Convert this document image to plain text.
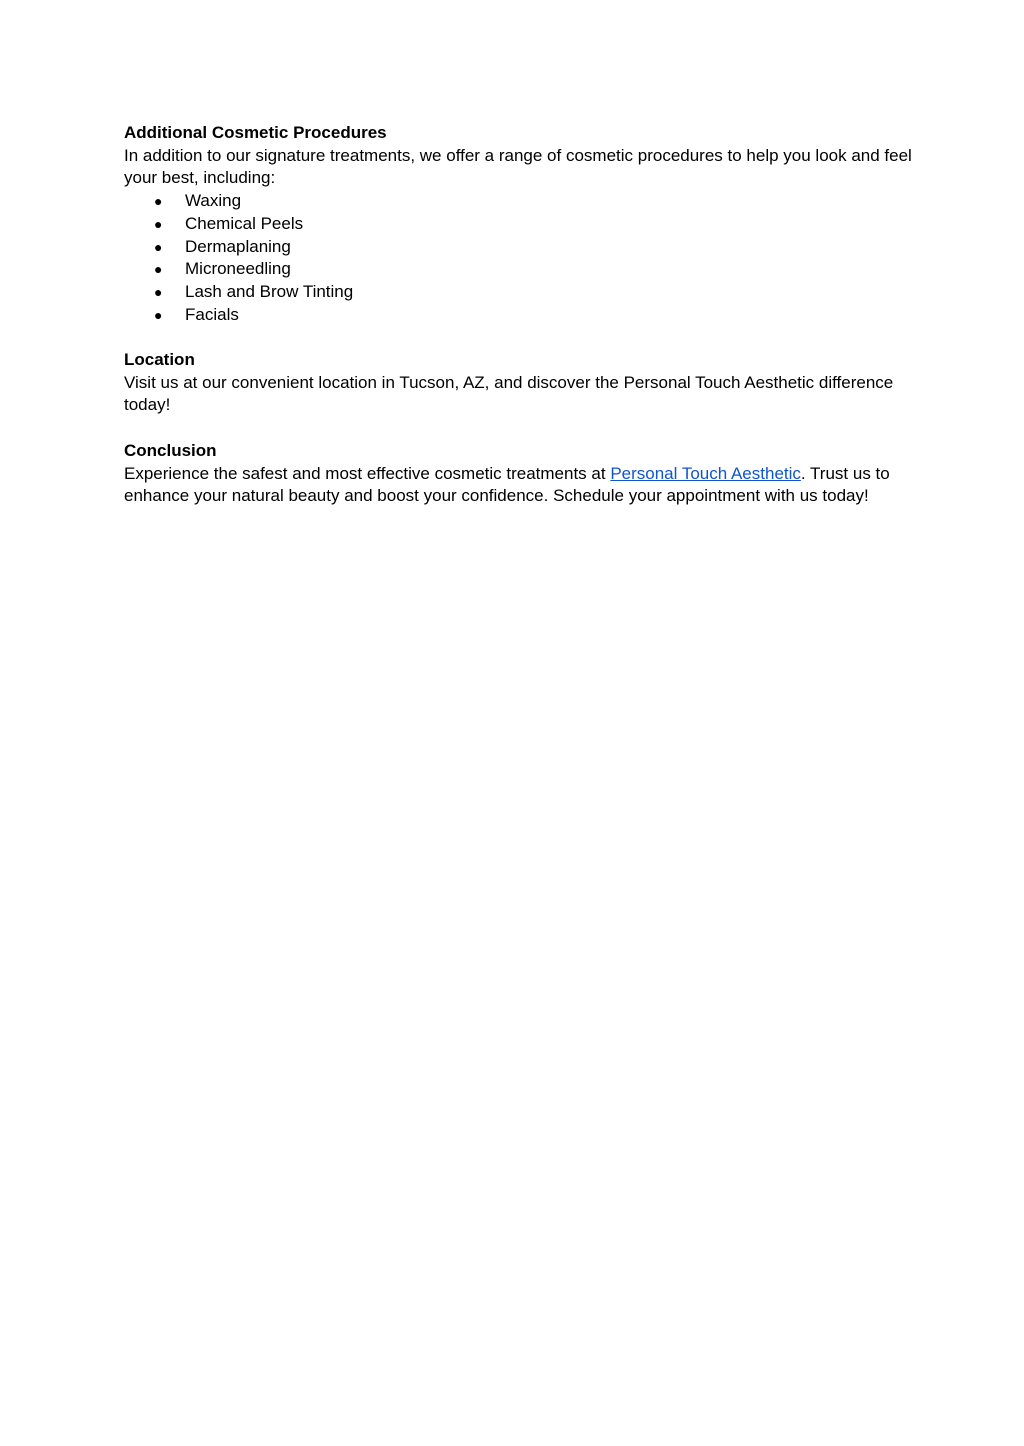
Additional Cosmetic Procedures

In addition to our signature treatments, we offer a range of cosmetic procedures to help you look and feel your best, including:

● Waxing
● Chemical Peels
● Dermaplaning
● Microneedling
● Lash and Brow Tinting
● Facials

Location

Visit us at our convenient location in Tucson, AZ, and discover the Personal Touch Aesthetic difference today!

Conclusion

Experience the safest and most effective cosmetic treatments at Personal Touch Aesthetic. Trust us to enhance your natural beauty and boost your confidence. Schedule your appointment with us today!
